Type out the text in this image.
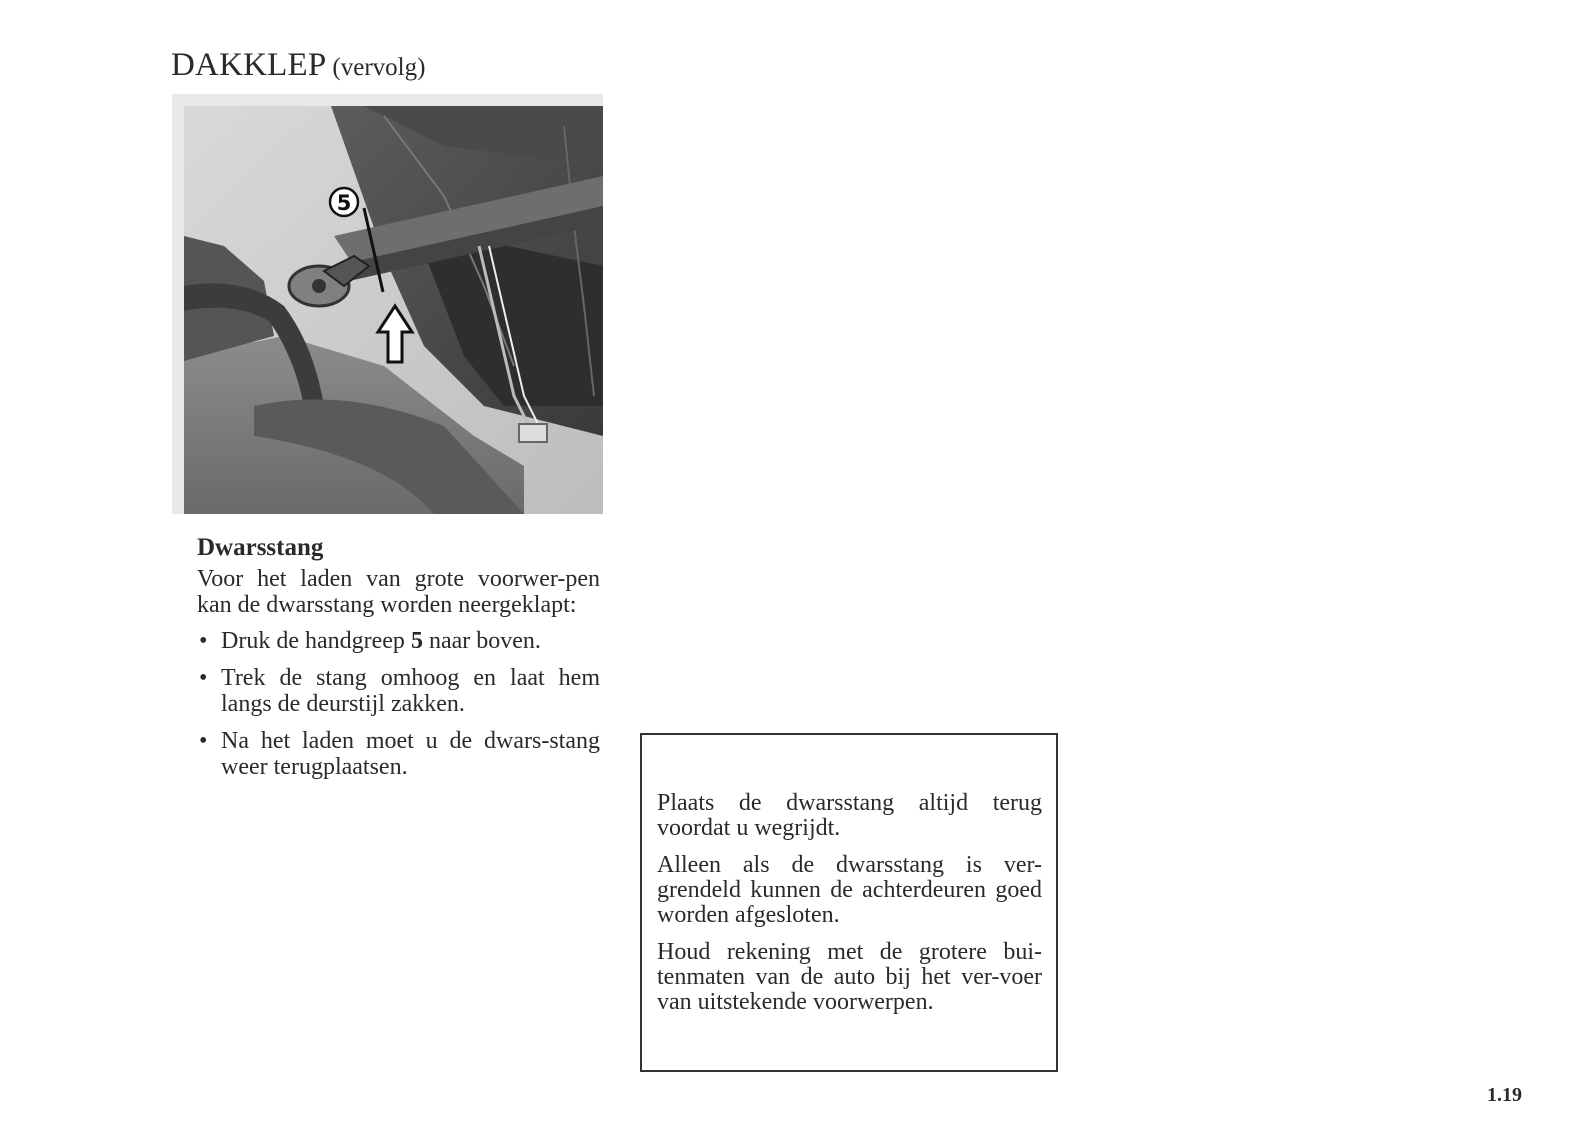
DAKKLEP (vervolg)
5
Dwarsstang

Voor het laden van grote voorwer-pen kan de dwarsstang worden neergeklapt:

• Druk de handgreep 5 naar boven.
• Trek de stang omhoog en laat hem langs de deurstijl zakken.
• Na het laden moet u de dwars-stang weer terugplaatsen.

Plaats de dwarsstang altijd terug voordat u wegrijdt.

Alleen als de dwarsstang is ver-grendeld kunnen de achterdeuren goed worden afgesloten.

Houd rekening met de grotere bui-tenmaten van de auto bij het ver-voer van uitstekende voorwerpen.

1.19
